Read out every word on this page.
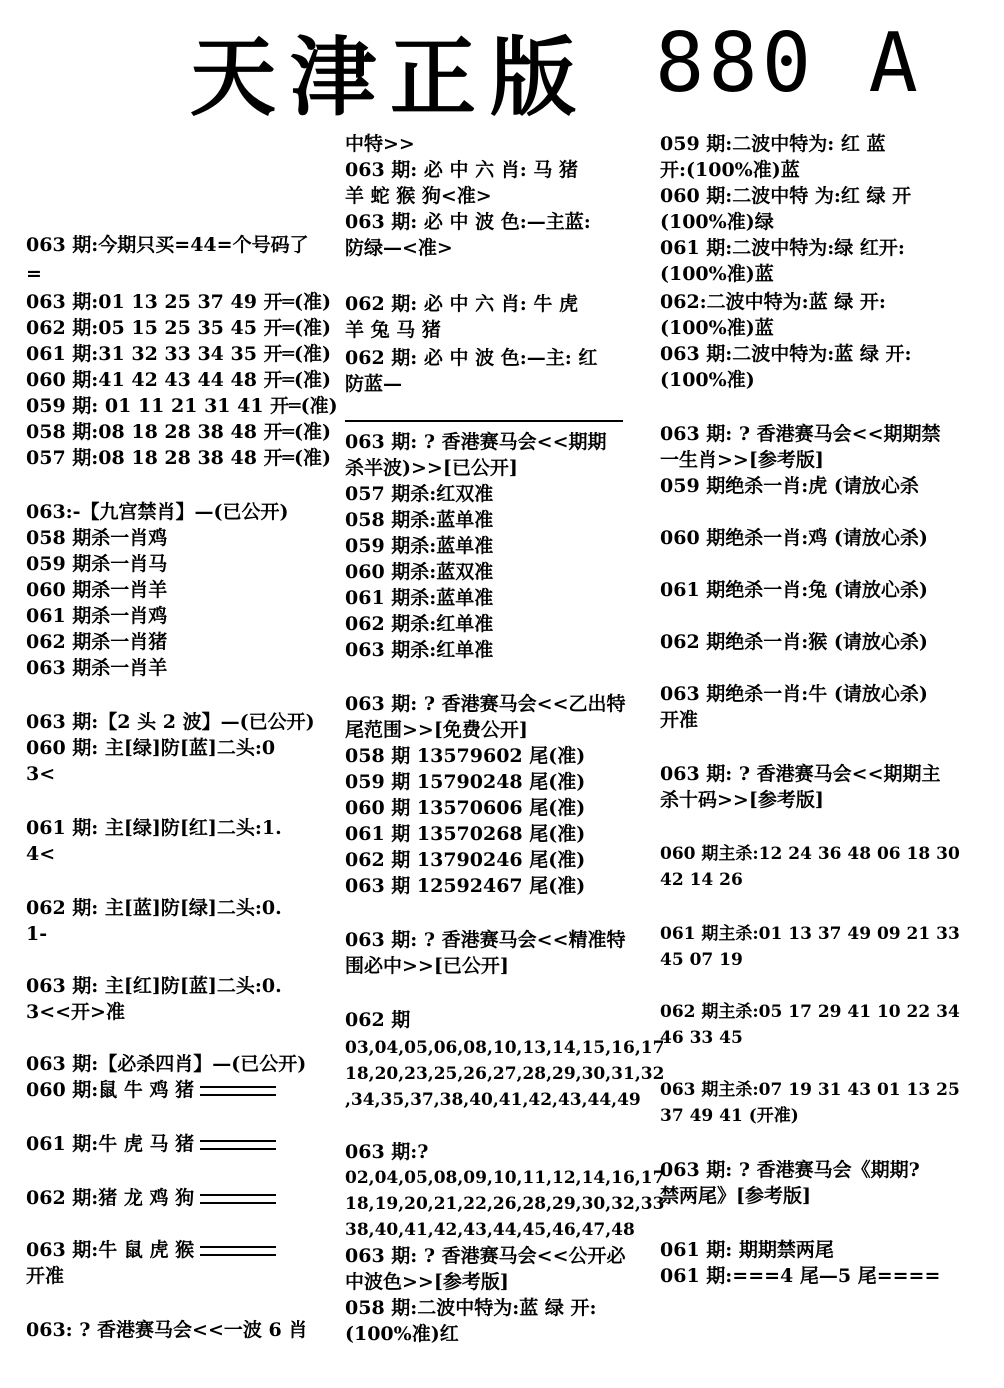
天津正版 880 A
063 期:今期只买=44=个号码了
=
063 期:01 13 25 37 49 开═(准)
062 期:05 15 25 35 45 开═(准)
061 期:31 32 33 34 35 开═(准)
060 期:41 42 43 44 48 开═(准)
059 期: 01 11 21 31 41 开═(准)
058 期:08 18 28 38 48 开═(准)
057 期:08 18 28 38 48 开═(准)
063:-【九宫禁肖】—(已公开)
058 期杀一肖鸡
059 期杀一肖马
060 期杀一肖羊
061 期杀一肖鸡
062 期杀一肖猪
063 期杀一肖羊
063 期:【2 头 2 波】—(已公开)
060 期: 主[绿]防[蓝]二头:0
3<
061 期: 主[绿]防[红]二头:1.
4<
062 期: 主[蓝]防[绿]二头:0.
1-
063 期: 主[红]防[蓝]二头:0.
3<<开>准
063 期:【必杀四肖】—(已公开)
060 期:鼠 牛 鸡 猪
061 期:牛 虎 马 猪
062 期:猪 龙 鸡 狗
063 期:牛 鼠 虎 猴
开准
063: ? 香港赛马会<<一波 6 肖
中特>>
063 期: 必 中 六 肖: 马 猪
羊 蛇 猴 狗<准>
063 期: 必 中 波 色:—主蓝:
防绿—<准>
062 期: 必 中 六 肖: 牛 虎
羊 兔 马 猪
062 期: 必 中 波 色:—主: 红
防蓝—
063 期: ? 香港赛马会<<期期
杀半波)>>[已公开]
057 期杀:红双准
058 期杀:蓝单准
059 期杀:蓝单准
060 期杀:蓝双准
061 期杀:蓝单准
062 期杀:红单准
063 期杀:红单准
063 期: ? 香港赛马会<<乙出特
尾范围>>[免费公开]
058 期 13579602 尾(准)
059 期 15790248 尾(准)
060 期 13570606 尾(准)
061 期 13570268 尾(准)
062 期 13790246 尾(准)
063 期 12592467 尾(准)
063 期: ? 香港赛马会<<精准特
围必中>>[已公开]
062 期
03,04,05,06,08,10,13,14,15,16,17
18,20,23,25,26,27,28,29,30,31,32
,34,35,37,38,40,41,42,43,44,49
063 期:?
02,04,05,08,09,10,11,12,14,16,17
18,19,20,21,22,26,28,29,30,32,33
38,40,41,42,43,44,45,46,47,48
063 期: ? 香港赛马会<<公开必
中波色>>[参考版]
058 期:二波中特为:蓝 绿 开:
(100%准)红
059 期:二波中特为: 红 蓝
开:(100%准)蓝
060 期:二波中特 为:红 绿 开
(100%准)绿
061 期:二波中特为:绿 红开:
(100%准)蓝
062:二波中特为:蓝 绿 开:
(100%准)蓝
063 期:二波中特为:蓝 绿 开:
(100%准)
063 期: ? 香港赛马会<<期期禁
一生肖>>[参考版]
059 期绝杀一肖:虎 (请放心杀
060 期绝杀一肖:鸡 (请放心杀)
061 期绝杀一肖:兔 (请放心杀)
062 期绝杀一肖:猴 (请放心杀)
063 期绝杀一肖:牛 (请放心杀)
开准
063 期: ? 香港赛马会<<期期主
杀十码>>[参考版]
060 期主杀:12 24 36 48 06 18 30
42 14 26
061 期主杀:01 13 37 49 09 21 33
45 07 19
062 期主杀:05 17 29 41 10 22 34
46 33 45
063 期主杀:07 19 31 43 01 13 25
37 49 41 (开准)
063 期: ? 香港赛马会《期期?
禁两尾》[参考版]
061 期: 期期禁两尾
061 期:===4 尾—5 尾====
